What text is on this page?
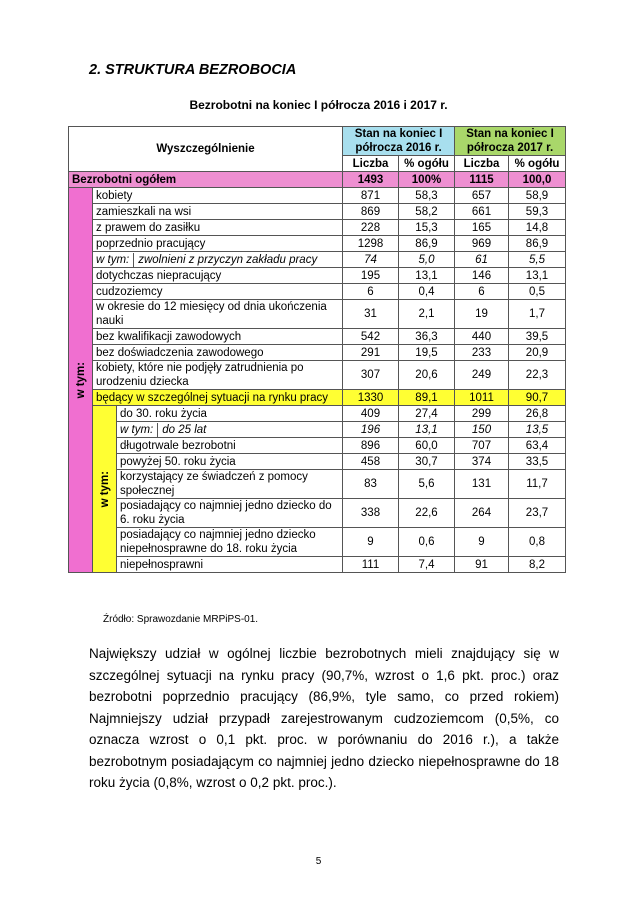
2. STRUKTURA BEZROBOCIA
Bezrobotni na koniec I półrocza 2016 i 2017 r.
Wyszczególnienie			Stan na koniec I półrocza 2016 r.		Stan na koniec I półrocza 2017 r.	
			Liczba	% ogółu	Liczba	% ogółu
Bezrobotni ogółem			1493	100%	1115	100,0

w tym:	kobiety		871	58,3	657	58,9
	zamieszkali na wsi		869	58,2	661	59,3
	z prawem do zasiłku		228	15,3	165	14,8
	poprzednio pracujący		1298	86,9	969	86,9
	w tym: zwolnieni z przyczyn zakładu pracy		74	5,0	61	5,5
	dotychczas niepracujący		195	13,1	146	13,1
	cudzoziemcy		6	0,4	6	0,5
	w okresie do 12 miesięcy od dnia ukończenia nauki		31	2,1	19	1,7
	bez kwalifikacji zawodowych		542	36,3	440	39,5
	bez doświadczenia zawodowego		291	19,5	233	20,9
	kobiety, które nie podjęły zatrudnienia po urodzeniu dziecka		307	20,6	249	22,3
	będący w szczególnej sytuacji na rynku pracy		1330	89,1	1011	90,7

	w tym:	do 30. roku życia	409	27,4	299	26,8
		w tym: do 25 lat	196	13,1	150	13,5
		długotrwale bezrobotni	896	60,0	707	63,4
		powyżej 50. roku życia	458	30,7	374	33,5
		korzystający ze świadczeń z pomocy społecznej	83	5,6	131	11,7
		posiadający co najmniej jedno dziecko do 6. roku życia	338	22,6	264	23,7
		posiadający co najmniej jedno dziecko niepełnosprawne do 18. roku życia	9	0,6	9	0,8
		niepełnosprawni	111	7,4	91	8,2
Źródło: Sprawozdanie MRPiPS-01.
Największy udział w ogólnej liczbie bezrobotnych mieli znajdujący się w szczególnej sytuacji na rynku pracy (90,7%, wzrost o 1,6 pkt. proc.) oraz bezrobotni poprzednio pracujący (86,9%, tyle samo, co przed rokiem) Najmniejszy udział przypadł zarejestrowanym cudzoziemcom (0,5%, co oznacza wzrost o 0,1 pkt. proc. w porównaniu do 2016 r.), a także bezrobotnym posiadającym co najmniej jedno dziecko niepełnosprawne do 18 roku życia (0,8%, wzrost o 0,2 pkt. proc.).
5
